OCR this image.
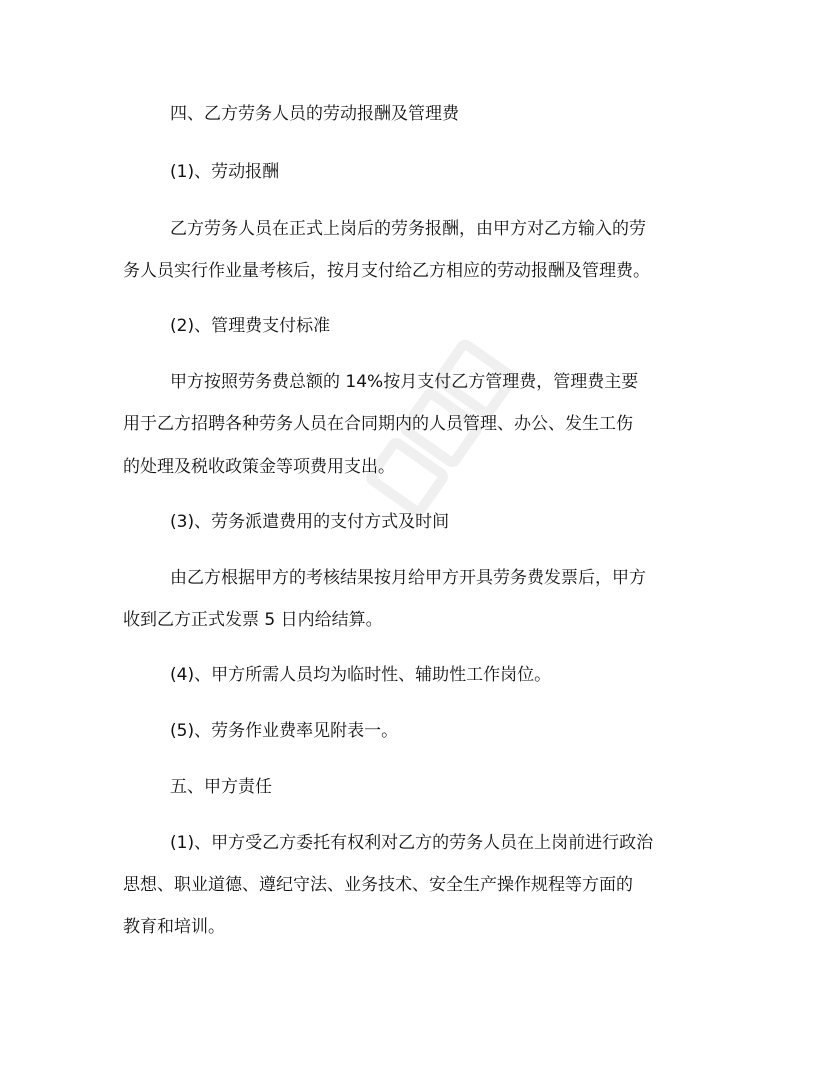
四、乙方劳务人员的劳动报酬及管理费

(1)、劳动报酬

乙方劳务人员在正式上岗后的劳务报酬，由甲方对乙方输入的劳

务人员实行作业量考核后，按月支付给乙方相应的劳动报酬及管理费。

(2)、管理费支付标准

甲方按照劳务费总额的 14%按月支付乙方管理费，管理费主要

用于乙方招聘各种劳务人员在合同期内的人员管理、办公、发生工伤

的处理及税收政策金等项费用支出。

(3)、劳务派遣费用的支付方式及时间

由乙方根据甲方的考核结果按月给甲方开具劳务费发票后，甲方

收到乙方正式发票 5 日内给结算。

(4)、甲方所需人员均为临时性、辅助性工作岗位。

(5)、劳务作业费率见附表一。

五、甲方责任

(1)、甲方受乙方委托有权利对乙方的劳务人员在上岗前进行政治

思想、职业道德、遵纪守法、业务技术、安全生产操作规程等方面的

教育和培训。
